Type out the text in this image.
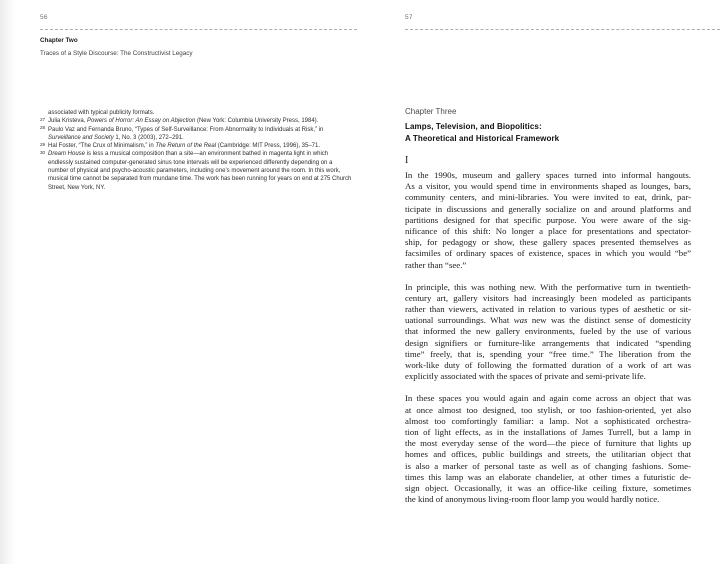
56
Chapter Two
Traces of a Style Discourse: The Constructivist Legacy
associated with typical publicity formats.
27 Julia Kristeva, Powers of Horror: An Essay on Abjection (New York: Columbia University Press, 1984).
28 Paulo Vaz and Fernanda Bruno, “Types of Self-Surveillance: From Abnormality to Individuals at Risk,” in Surveillance and Society 1, No. 3 (2003), 272–291.
29 Hal Foster, “The Crux of Minimalism,” in The Return of the Real (Cambridge: MIT Press, 1996), 35–71.
30 Dream House is less a musical composition than a site—an environment bathed in magenta light in which endlessly sustained computer-generated sinus tone intervals will be experienced differently depending on a number of physical and psycho-acoustic parameters, including one’s movement around the room. In this work, musical time cannot be separated from mundane time. The work has been running for years on end at 275 Church Street, New York, NY.
57
Chapter Three
Lamps, Television, and Biopolitics:
A Theoretical and Historical Framework
I
In the 1990s, museum and gallery spaces turned into informal hangouts.
As a visitor, you would spend time in environments shaped as lounges, bars,
community centers, and mini-libraries. You were invited to eat, drink, par-
ticipate in discussions and generally socialize on and around platforms and
partitions designed for that specific purpose. You were aware of the sig-
nificance of this shift: No longer a place for presentations and spectator-
ship, for pedagogy or show, these gallery spaces presented themselves as
facsimiles of ordinary spaces of existence, spaces in which you would “be”
rather than “see.”
In principle, this was nothing new. With the performative turn in twentieth-
century art, gallery visitors had increasingly been modeled as participants
rather than viewers, activated in relation to various types of aesthetic or sit-
uational surroundings. What was new was the distinct sense of domesticity
that informed the new gallery environments, fueled by the use of various
design signifiers or furniture-like arrangements that indicated “spending
time” freely, that is, spending your “free time.” The liberation from the
work-like duty of following the formatted duration of a work of art was
explicitly associated with the spaces of private and semi-private life.
In these spaces you would again and again come across an object that was
at once almost too designed, too stylish, or too fashion-oriented, yet also
almost too comfortingly familiar: a lamp. Not a sophisticated orchestra-
tion of light effects, as in the installations of James Turrell, but a lamp in
the most everyday sense of the word—the piece of furniture that lights up
homes and offices, public buildings and streets, the utilitarian object that
is also a marker of personal taste as well as of changing fashions. Some-
times this lamp was an elaborate chandelier, at other times a futuristic de-
sign object. Occasionally, it was an office-like ceiling fixture, sometimes
the kind of anonymous living-room floor lamp you would hardly notice.
